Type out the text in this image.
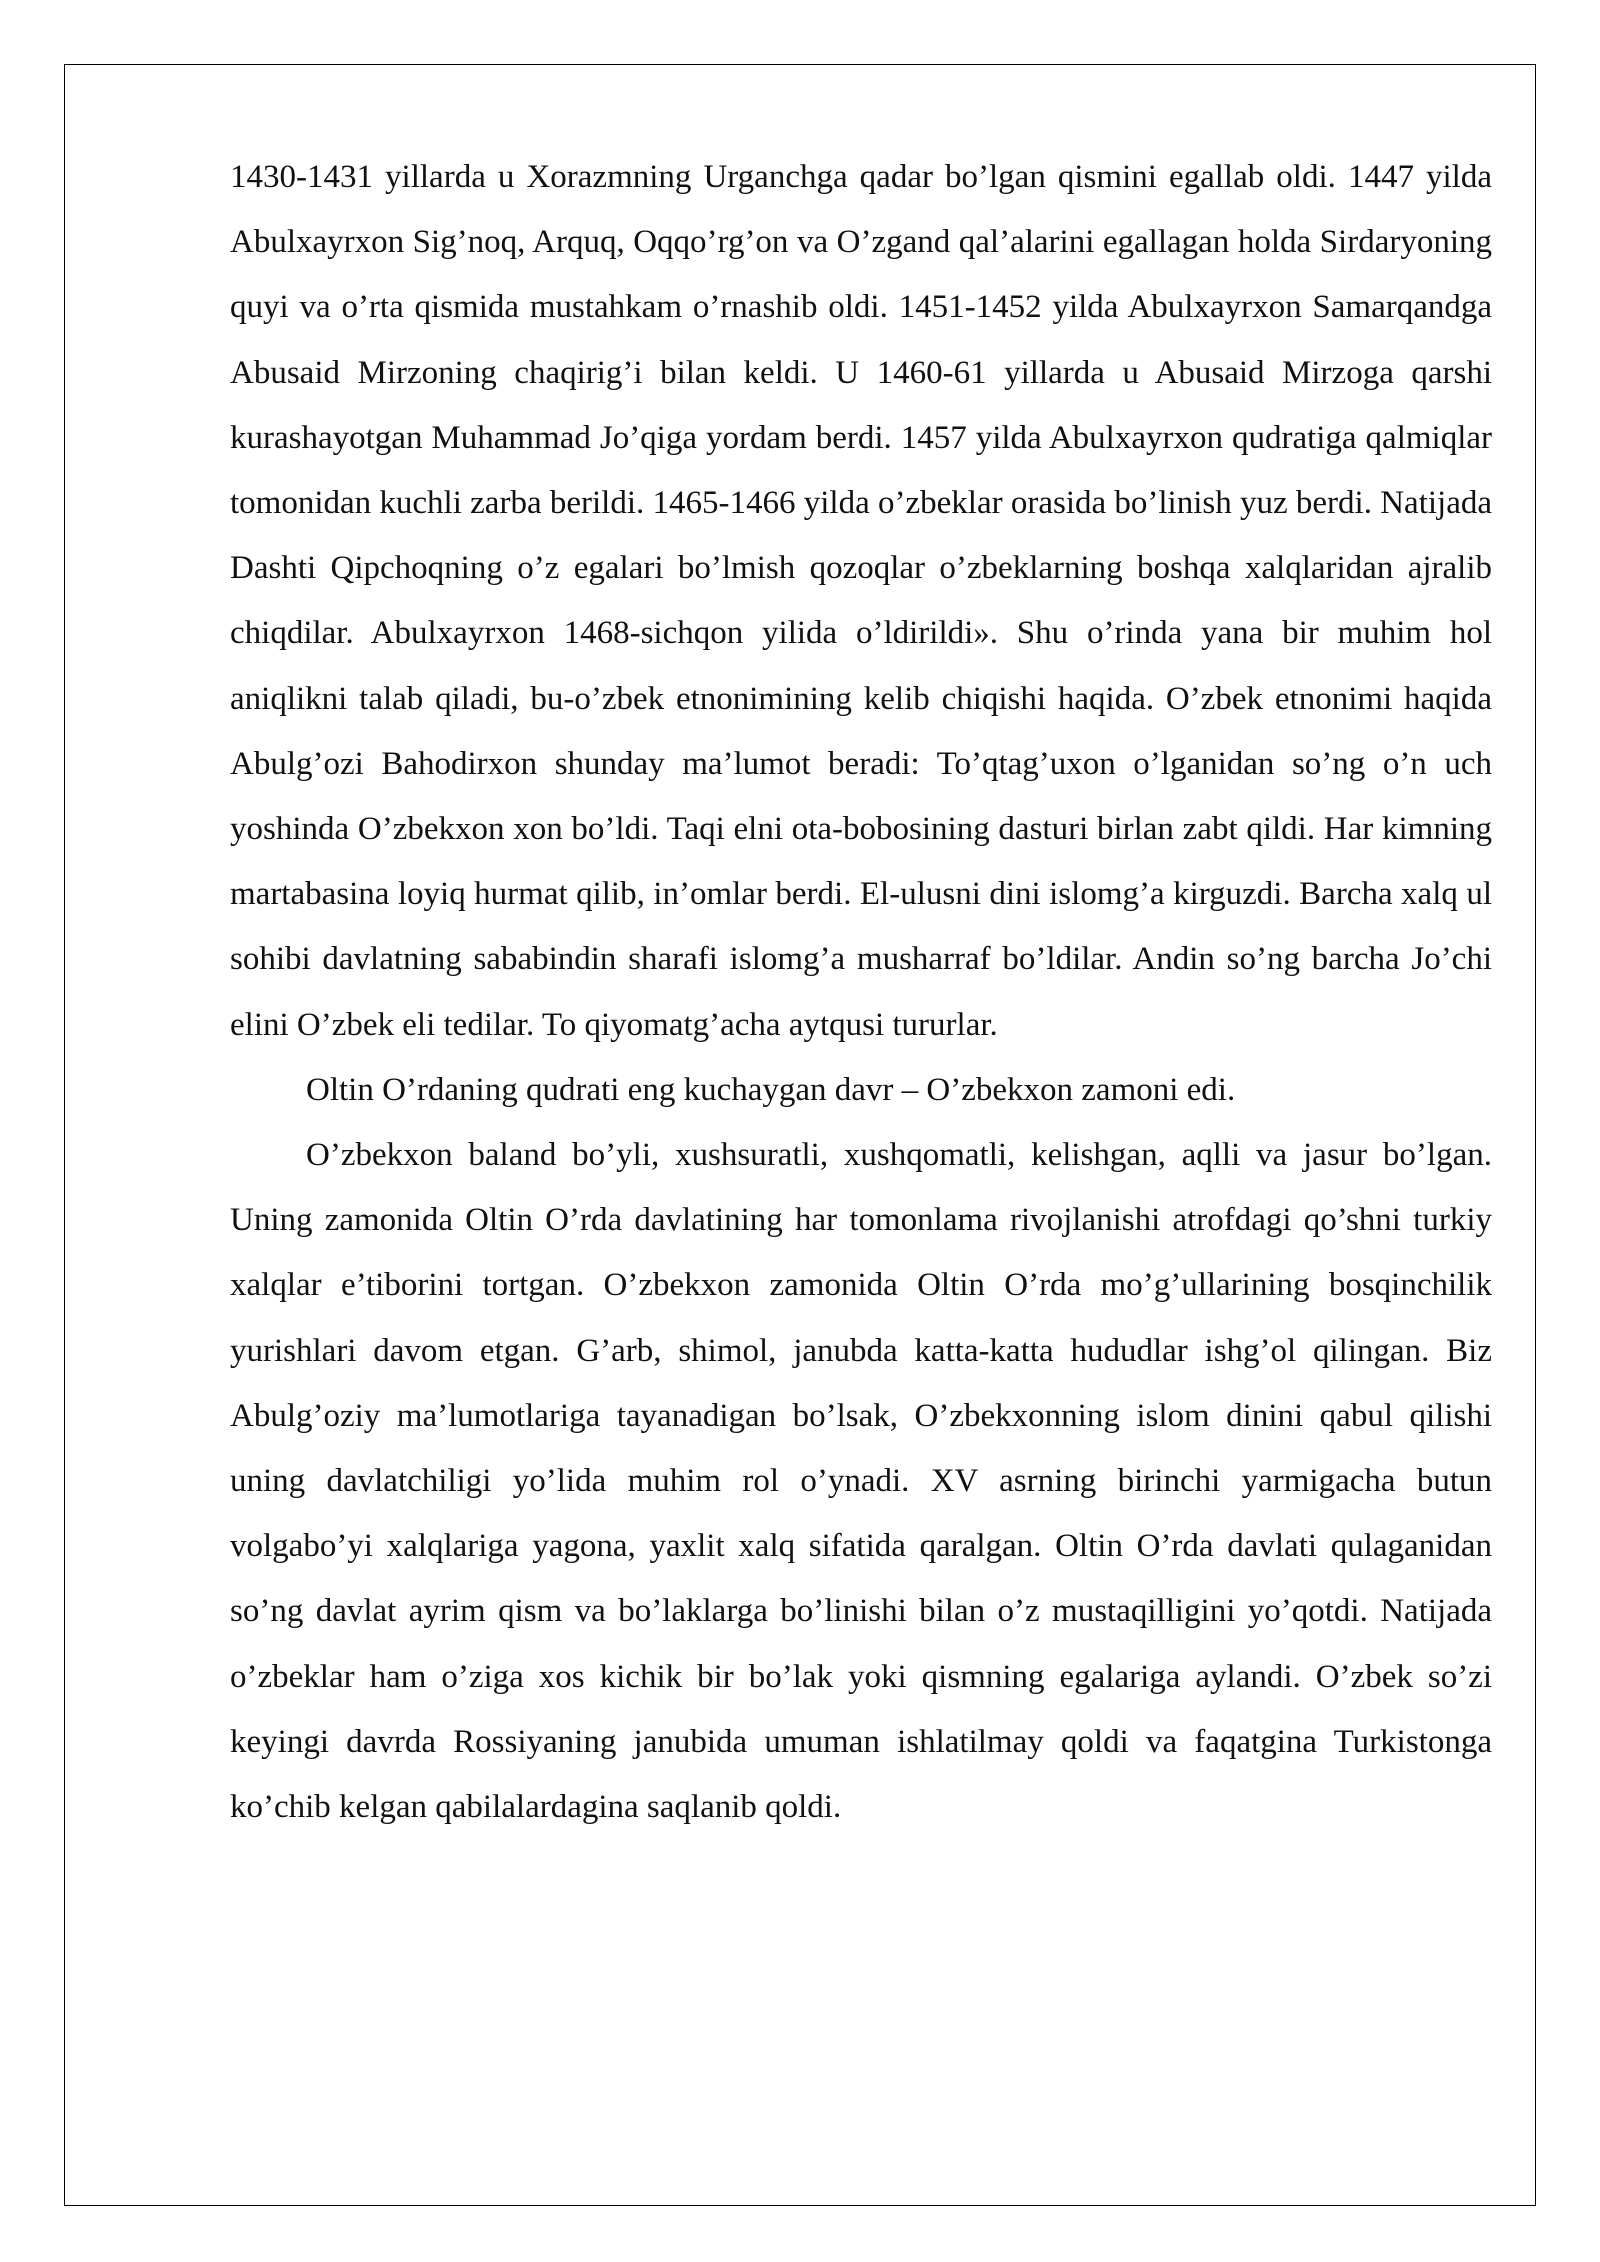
1430-1431 yillarda u Xorazmning Urganchga qadar bo’lgan qismini egallab oldi. 1447 yilda Abulxayrxon Sig’noq, Arquq, Oqqo’rg’on va O’zgand qal’alarini egallagan holda Sirdaryoning quyi va o’rta qismida mustahkam o’rnashib oldi. 1451-1452 yilda Abulxayrxon Samarqandga Abusaid Mirzoning chaqirig’i bilan keldi. U 1460-61 yillarda u Abusaid Mirzoga qarshi kurashayotgan Muhammad Jo’qiga yordam berdi. 1457 yilda Abulxayrxon qudratiga qalmiqlar tomonidan kuchli zarba berildi. 1465-1466 yilda o’zbeklar orasida bo’linish yuz berdi. Natijada Dashti Qipchoqning o’z egalari bo’lmish qozoqlar o’zbeklarning boshqa xalqlaridan ajralib chiqdilar. Abulxayrxon 1468-sichqon yilida o’ldirildi». Shu o’rinda yana bir muhim hol aniqlikni talab qiladi, bu-o’zbek etnonimining kelib chiqishi haqida. O’zbek etnonimi haqida Abulg’ozi Bahodirxon shunday ma’lumot beradi: To’qtag’uxon o’lganidan so’ng o’n uch yoshinda O’zbekxon xon bo’ldi. Taqi elni ota-bobosining dasturi birlan zabt qildi. Har kimning martabasina loyiq hurmat qilib, in’omlar berdi. El-ulusni dini islomg’a kirguzdi. Barcha xalq ul sohibi davlatning sababindin sharafi islomg’a musharraf bo’ldilar. Andin so’ng barcha Jo’chi elini O’zbek eli tedilar. To qiyomatg’acha aytqusi tururlar.

Oltin O’rdaning qudrati eng kuchaygan davr – O’zbekxon zamoni edi.

O’zbekxon baland bo’yli, xushsuratli, xushqomatli, kelishgan, aqlli va jasur bo’lgan. Uning zamonida Oltin O’rda davlatining har tomonlama rivojlanishi atrofdagi qo’shni turkiy xalqlar e’tiborini tortgan. O’zbekxon zamonida Oltin O’rda mo’g’ullarining bosqinchilik yurishlari davom etgan. G’arb, shimol, janubda katta-katta hududlar ishg’ol qilingan. Biz Abulg’oziy ma’lumotlariga tayanadigan bo’lsak, O’zbekxonning islom dinini qabul qilishi uning davlatchiligi yo’lida muhim rol o’ynadi. XV asrning birinchi yarmigacha butun volgabo’yi xalqlariga yagona, yaxlit xalq sifatida qaralgan. Oltin O’rda davlati qulaganidan so’ng davlat ayrim qism va bo’laklarga bo’linishi bilan o’z mustaqilligini yo’qotdi. Natijada o’zbeklar ham o’ziga xos kichik bir bo’lak yoki qismning egalariga aylandi. O’zbek so’zi keyingi davrda Rossiyaning janubida umuman ishlatilmay qoldi va faqatgina Turkistonga ko’chib kelgan qabilalardagina saqlanib qoldi.
